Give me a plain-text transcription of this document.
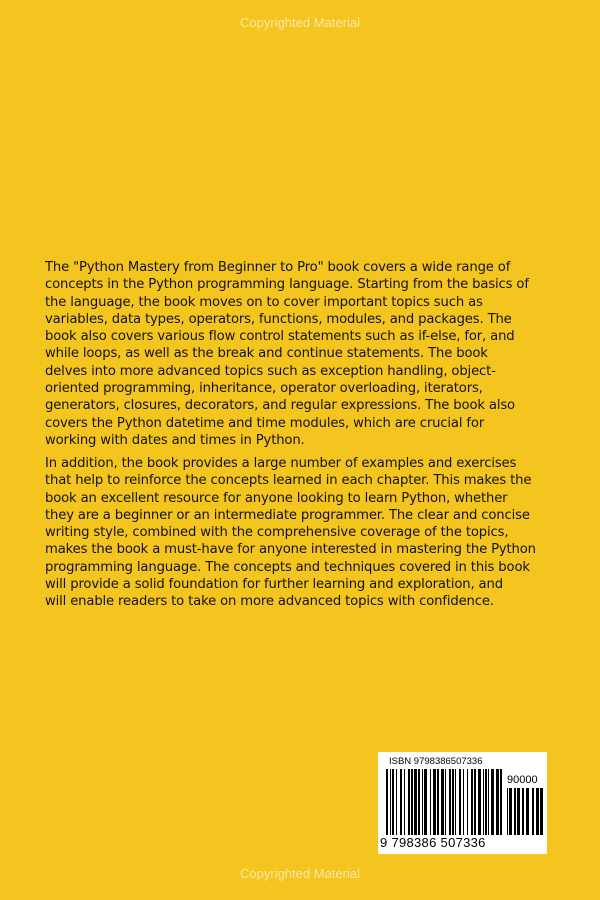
Copyrighted Material

The "Python Mastery from Beginner to Pro" book covers a wide range of
concepts in the Python programming language. Starting from the basics of
the language, the book moves on to cover important topics such as
variables, data types, operators, functions, modules, and packages. The
book also covers various flow control statements such as if-else, for, and
while loops, as well as the break and continue statements. The book
delves into more advanced topics such as exception handling, object-
oriented programming, inheritance, operator overloading, iterators,
generators, closures, decorators, and regular expressions. The book also
covers the Python datetime and time modules, which are crucial for
working with dates and times in Python.

In addition, the book provides a large number of examples and exercises
that help to reinforce the concepts learned in each chapter. This makes the
book an excellent resource for anyone looking to learn Python, whether
they are a beginner or an intermediate programmer. The clear and concise
writing style, combined with the comprehensive coverage of the topics,
makes the book a must-have for anyone interested in mastering the Python
programming language. The concepts and techniques covered in this book
will provide a solid foundation for further learning and exploration, and
will enable readers to take on more advanced topics with confidence.

ISBN 9798386507336
90000
9 798386 507336
Copyrighted Material
